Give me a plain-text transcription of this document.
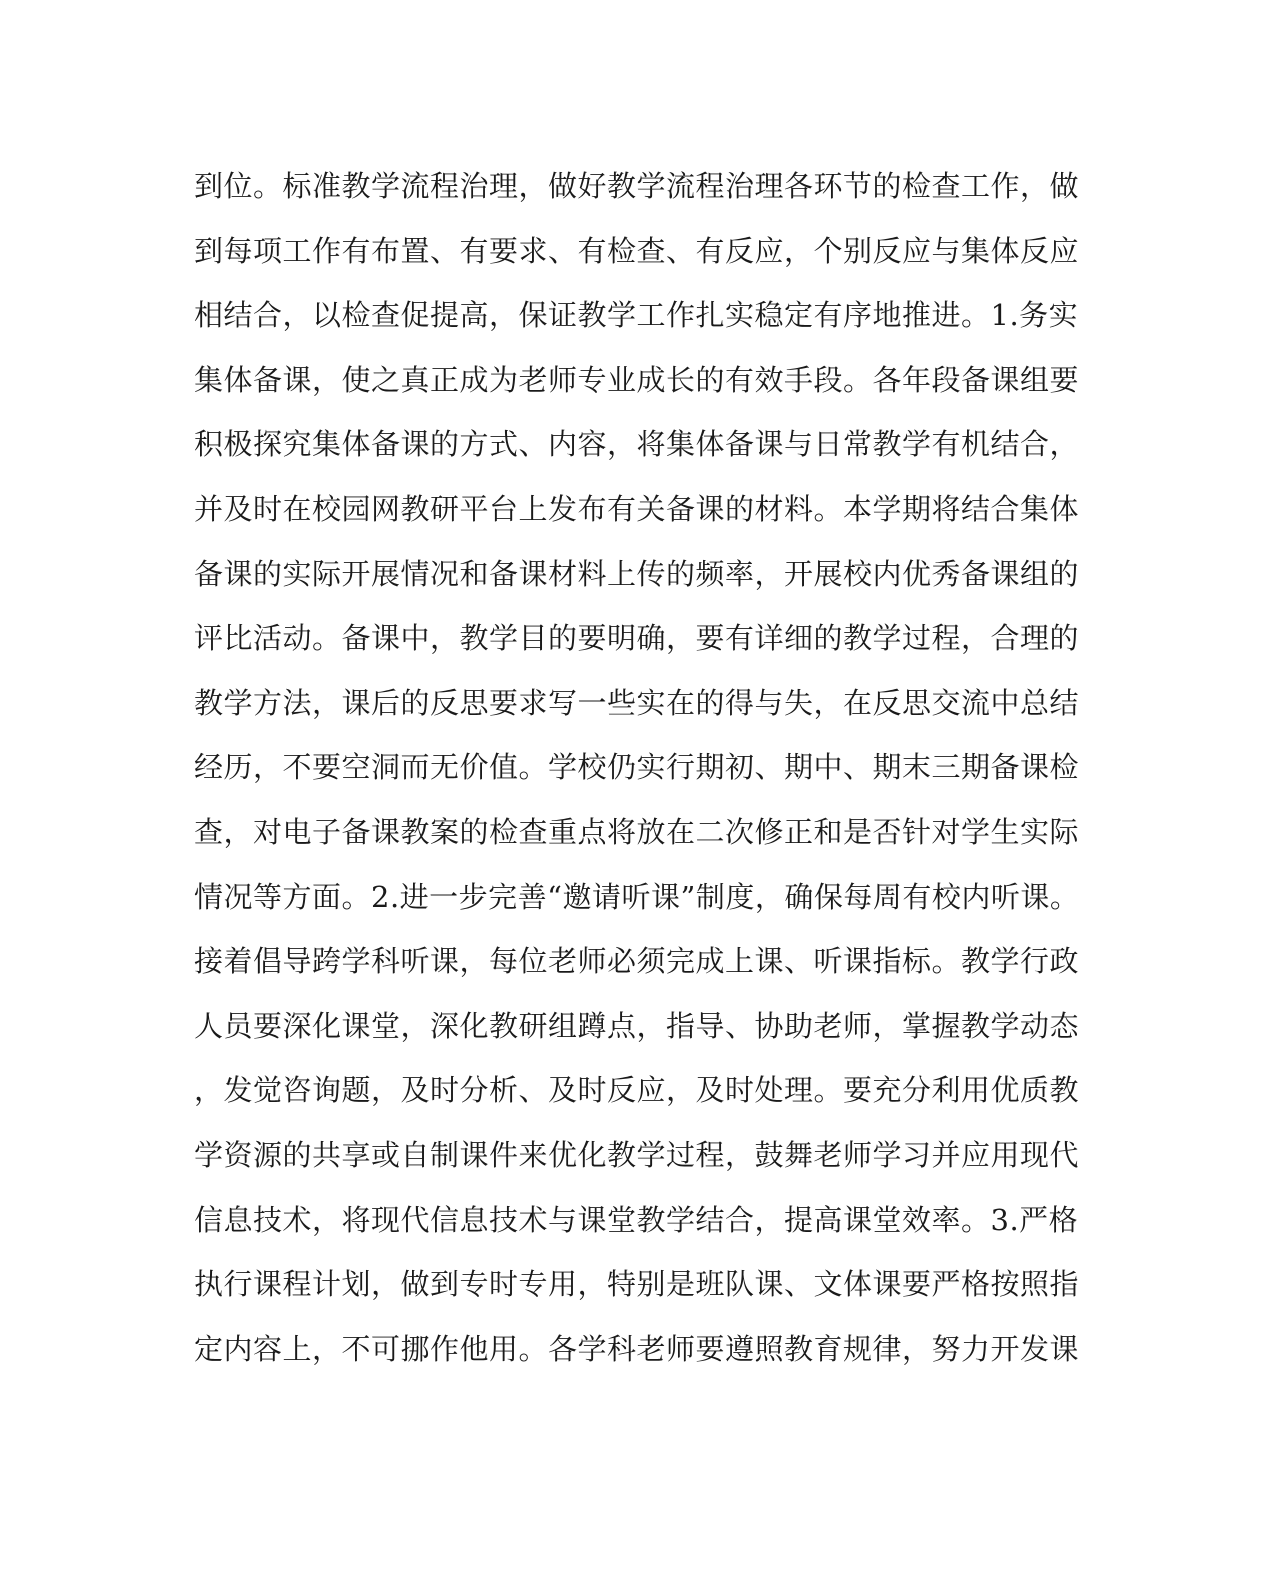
到位。标准教学流程治理，做好教学流程治理各环节的检查工作，做
到每项工作有布置、有要求、有检查、有反应，个别反应与集体反应
相结合，以检查促提高，保证教学工作扎实稳定有序地推进。1.务实
集体备课，使之真正成为老师专业成长的有效手段。各年段备课组要
积极探究集体备课的方式、内容，将集体备课与日常教学有机结合，
并及时在校园网教研平台上发布有关备课的材料。本学期将结合集体
备课的实际开展情况和备课材料上传的频率，开展校内优秀备课组的
评比活动。备课中，教学目的要明确，要有详细的教学过程，合理的
教学方法，课后的反思要求写一些实在的得与失，在反思交流中总结
经历，不要空洞而无价值。学校仍实行期初、期中、期末三期备课检
查，对电子备课教案的检查重点将放在二次修正和是否针对学生实际
情况等方面。2.进一步完善“邀请听课”制度，确保每周有校内听课。
接着倡导跨学科听课，每位老师必须完成上课、听课指标。教学行政
人员要深化课堂，深化教研组蹲点，指导、协助老师，掌握教学动态
，发觉咨询题，及时分析、及时反应，及时处理。要充分利用优质教
学资源的共享或自制课件来优化教学过程，鼓舞老师学习并应用现代
信息技术，将现代信息技术与课堂教学结合，提高课堂效率。3.严格
执行课程计划，做到专时专用，特别是班队课、文体课要严格按照指
定内容上，不可挪作他用。各学科老师要遵照教育规律，努力开发课
